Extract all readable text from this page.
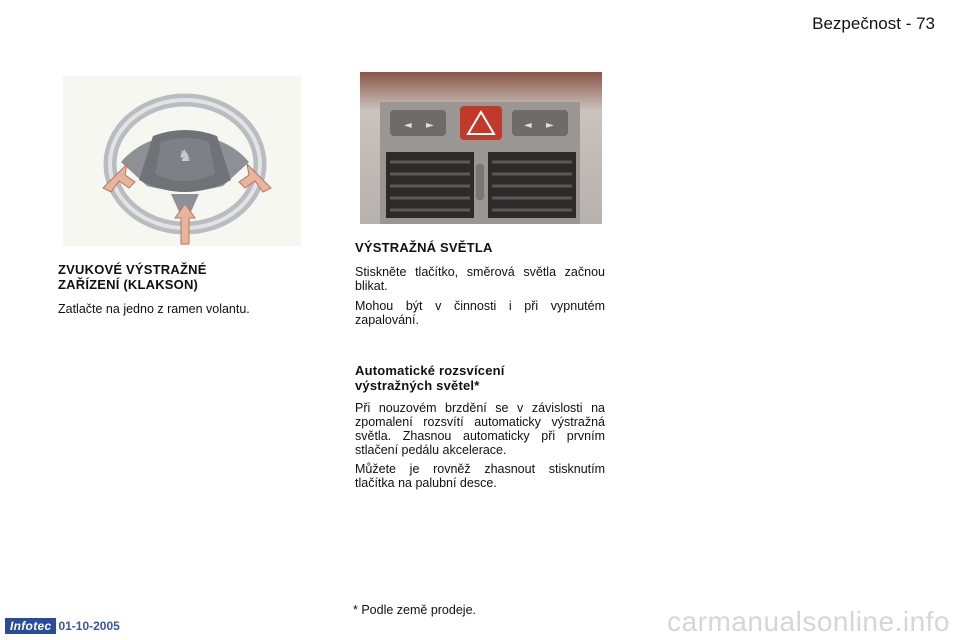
Bezpečnost - 73
♞
◄ ►	◄ ►

ZVUKOVÉ VÝSTRAŽNÉ
ZAŘÍZENÍ (KLAKSON)

Zatlačte na jedno z ramen volantu.

VÝSTRAŽNÁ SVĚTLA

Stiskněte tlačítko, směrová světla začnou blikat.

Mohou být v činnosti i při vypnutém zapalování.

Automatické rozsvícení
výstražných světel*

Při nouzovém brzdění se v závislosti na zpomalení rozsvítí automaticky výstražná světla. Zhasnou automaticky při prvním stlačení pedálu akcelerace.

Můžete je rovněž zhasnout stisknutím tlačítka na palubní desce.

* Podle země prodeje.
Infotec 01-10-2005	carmanualsonline.info
